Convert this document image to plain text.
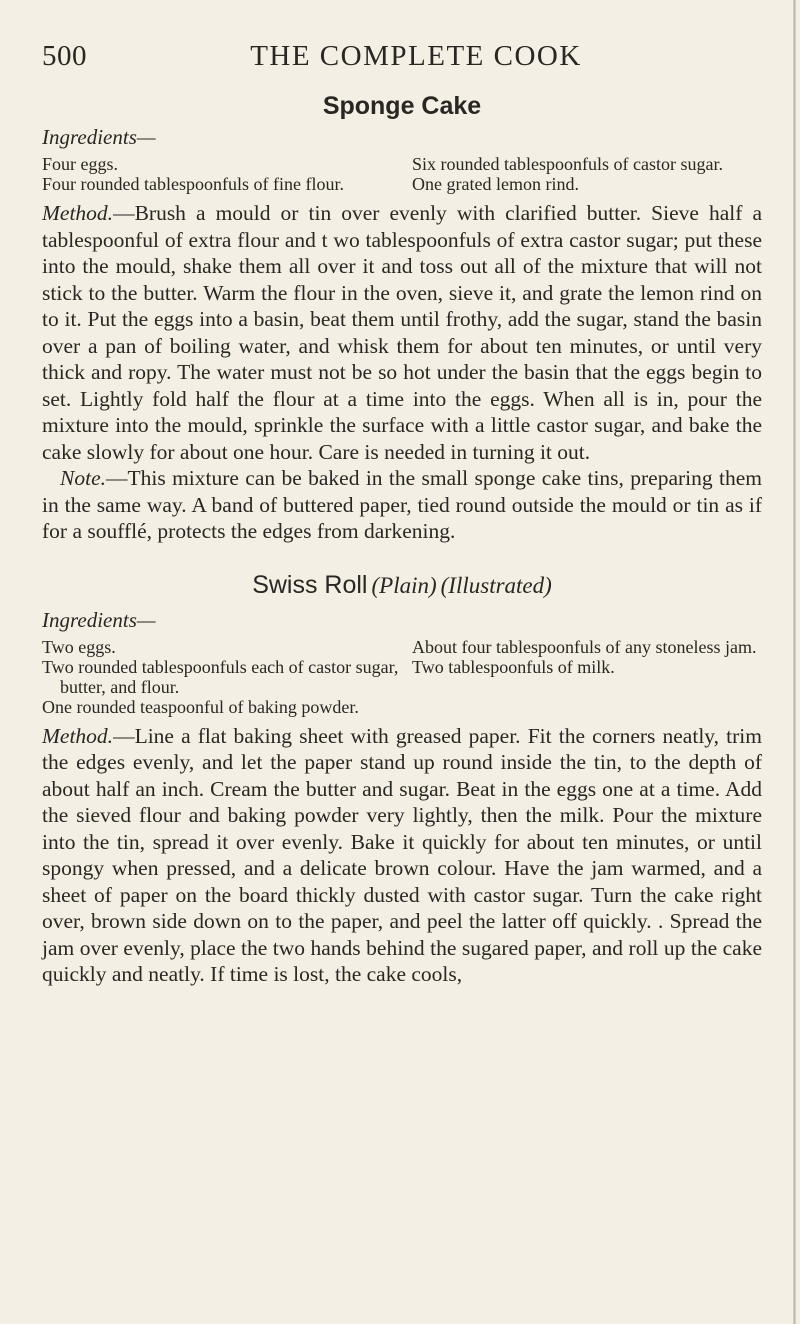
500	THE COMPLETE COOK
Sponge Cake

Ingredients—

Four eggs.
Four rounded tablespoonfuls of fine flour.
Six rounded tablespoonfuls of castor sugar.
One grated lemon rind.

Method.—Brush a mould or tin over evenly with clarified butter. Sieve half a tablespoonful of extra flour and t wo tablespoonfuls of extra castor sugar; put these into the mould, shake them all over it and toss out all of the mixture that will not stick to the butter. Warm the flour in the oven, sieve it, and grate the lemon rind on to it. Put the eggs into a basin, beat them until frothy, add the sugar, stand the basin over a pan of boiling water, and whisk them for about ten minutes, or until very thick and ropy. The water must not be so hot under the basin that the eggs begin to set. Lightly fold half the flour at a time into the eggs. When all is in, pour the mixture into the mould, sprinkle the surface with a little castor sugar, and bake the cake slowly for about one hour. Care is needed in turning it out.

Note.—This mixture can be baked in the small sponge cake tins, preparing them in the same way. A band of buttered paper, tied round outside the mould or tin as if for a soufflé, protects the edges from darkening.

Swiss Roll (Plain) (Illustrated)

Ingredients—

Two eggs.
Two rounded tablespoonfuls each of castor sugar, butter, and flour.
One rounded teaspoonful of baking powder.
About four tablespoonfuls of any stoneless jam.
Two tablespoonfuls of milk.

Method.—Line a flat baking sheet with greased paper. Fit the corners neatly, trim the edges evenly, and let the paper stand up round inside the tin, to the depth of about half an inch. Cream the butter and sugar. Beat in the eggs one at a time. Add the sieved flour and baking powder very lightly, then the milk. Pour the mixture into the tin, spread it over evenly. Bake it quickly for about ten minutes, or until spongy when pressed, and a delicate brown colour. Have the jam warmed, and a sheet of paper on the board thickly dusted with castor sugar. Turn the cake right over, brown side down on to the paper, and peel the latter off quickly. . Spread the jam over evenly, place the two hands behind the sugared paper, and roll up the cake quickly and neatly. If time is lost, the cake cools,
